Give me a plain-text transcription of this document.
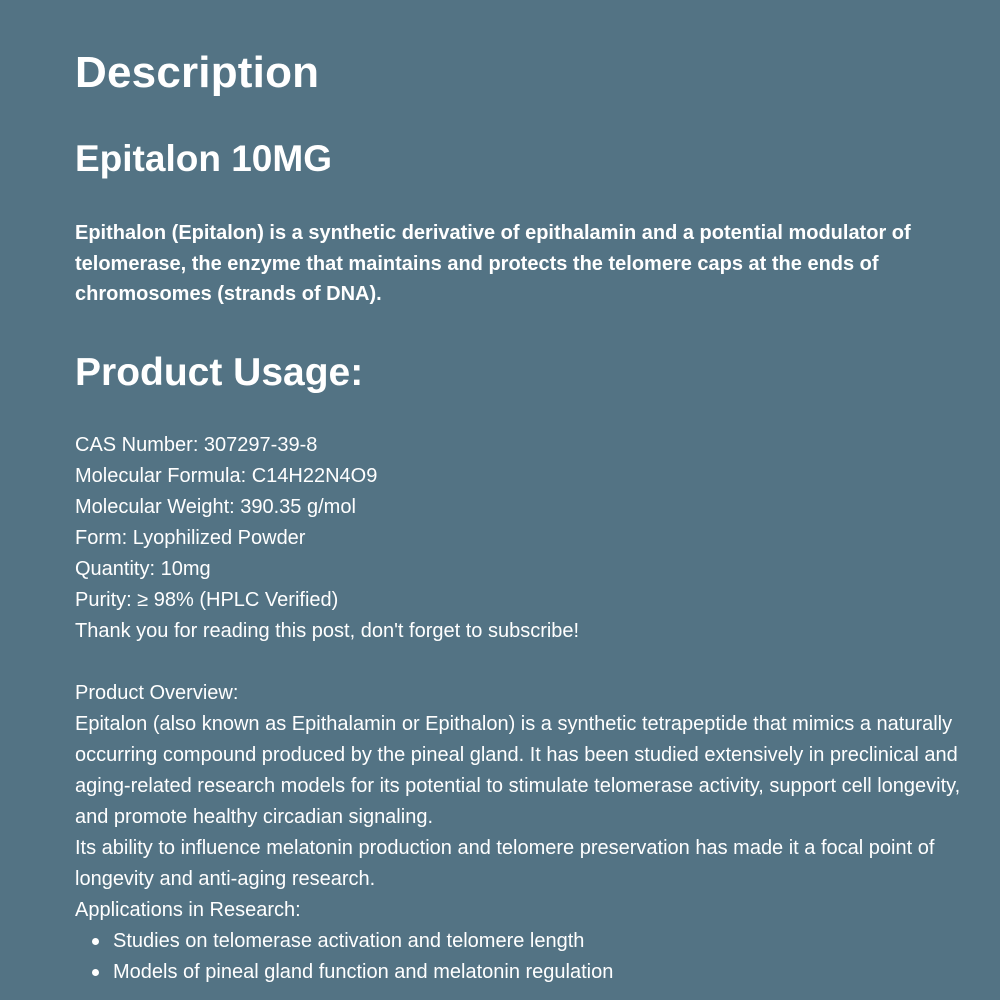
Description
Epitalon 10MG

Epithalon (Epitalon) is a synthetic derivative of epithalamin and a potential modulator of telomerase, the enzyme that maintains and protects the telomere caps at the ends of chromosomes (strands of DNA).

Product Usage:
CAS Number: 307297-39-8
Molecular Formula: C14H22N4O9
Molecular Weight: 390.35 g/mol
Form: Lyophilized Powder
Quantity: 10mg
Purity: ≥ 98% (HPLC Verified)
Thank you for reading this post, don't forget to subscribe!
Product Overview:
Epitalon (also known as Epithalamin or Epithalon) is a synthetic tetrapeptide that mimics a naturally occurring compound produced by the pineal gland. It has been studied extensively in preclinical and aging-related research models for its potential to stimulate telomerase activity, support cell longevity, and promote healthy circadian signaling.
Its ability to influence melatonin production and telomere preservation has made it a focal point of longevity and anti-aging research.
Applications in Research:
Studies on telomerase activation and telomere length
Models of pineal gland function and melatonin regulation
